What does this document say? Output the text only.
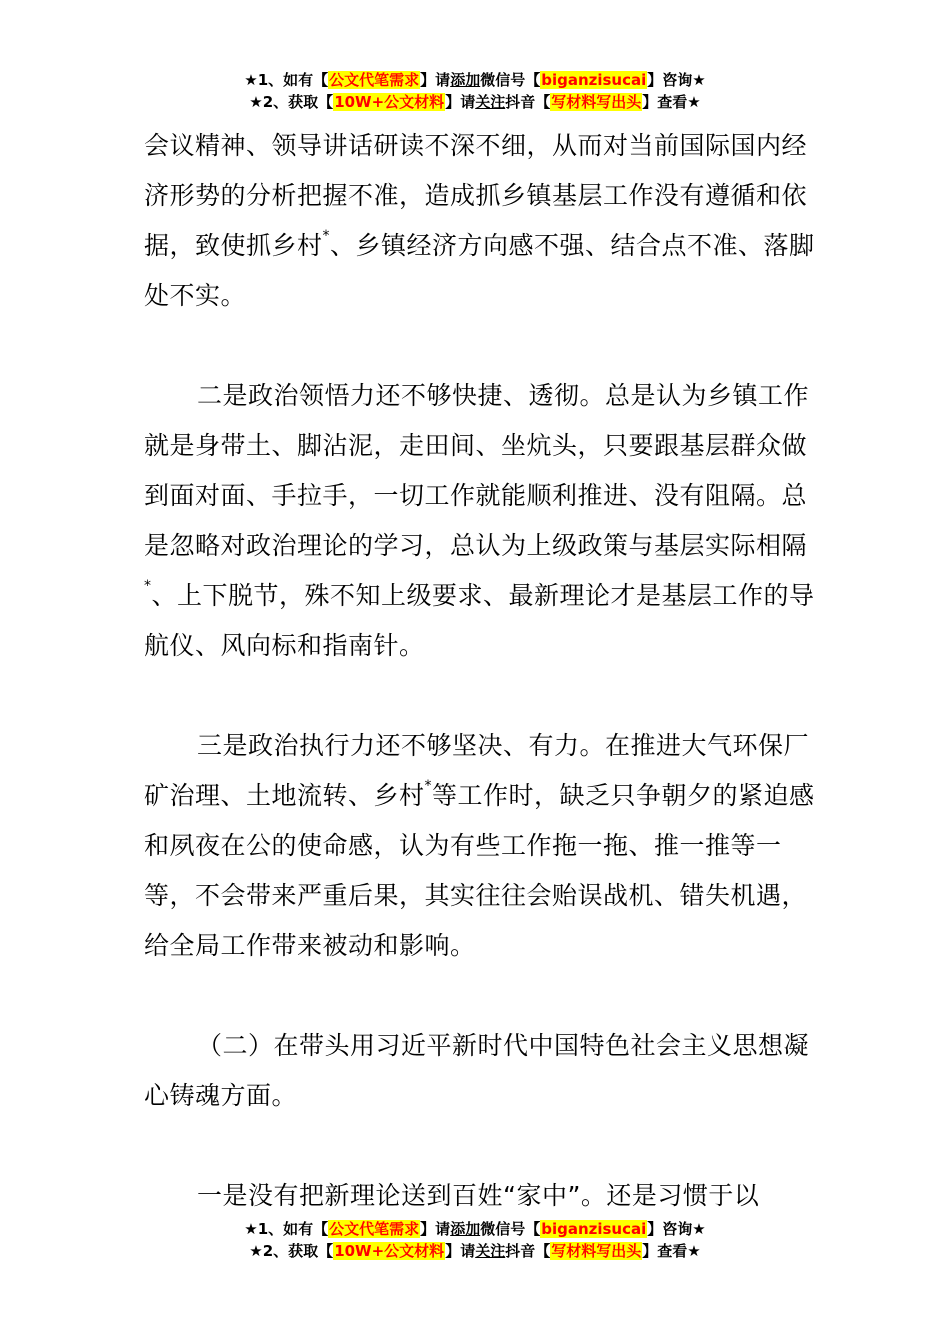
★1、如有【公文代笔需求】请添加微信号【biganzisucai】咨询★
★2、获取【10W+公文材料】请关注抖音【写材料写出头】查看★

会议精神、领导讲话研读不深不细，从而对当前国际国内经济形势的分析把握不准，造成抓乡镇基层工作没有遵循和依据，致使抓乡村*、乡镇经济方向感不强、结合点不准、落脚处不实。

二是政治领悟力还不够快捷、透彻。总是认为乡镇工作就是身带土、脚沾泥，走田间、坐炕头，只要跟基层群众做到面对面、手拉手，一切工作就能顺利推进、没有阻隔。总是忽略对政治理论的学习，总认为上级政策与基层实际相隔*、上下脱节，殊不知上级要求、最新理论才是基层工作的导航仪、风向标和指南针。

三是政治执行力还不够坚决、有力。在推进大气环保厂矿治理、土地流转、乡村*等工作时，缺乏只争朝夕的紧迫感和夙夜在公的使命感，认为有些工作拖一拖、推一推等一等，不会带来严重后果，其实往往会贻误战机、错失机遇，给全局工作带来被动和影响。

（二）在带头用习近平新时代中国特色社会主义思想凝心铸魂方面。

一是没有把新理论送到百姓“家中”。还是习惯于以

★1、如有【公文代笔需求】请添加微信号【biganzisucai】咨询★
★2、获取【10W+公文材料】请关注抖音【写材料写出头】查看★
